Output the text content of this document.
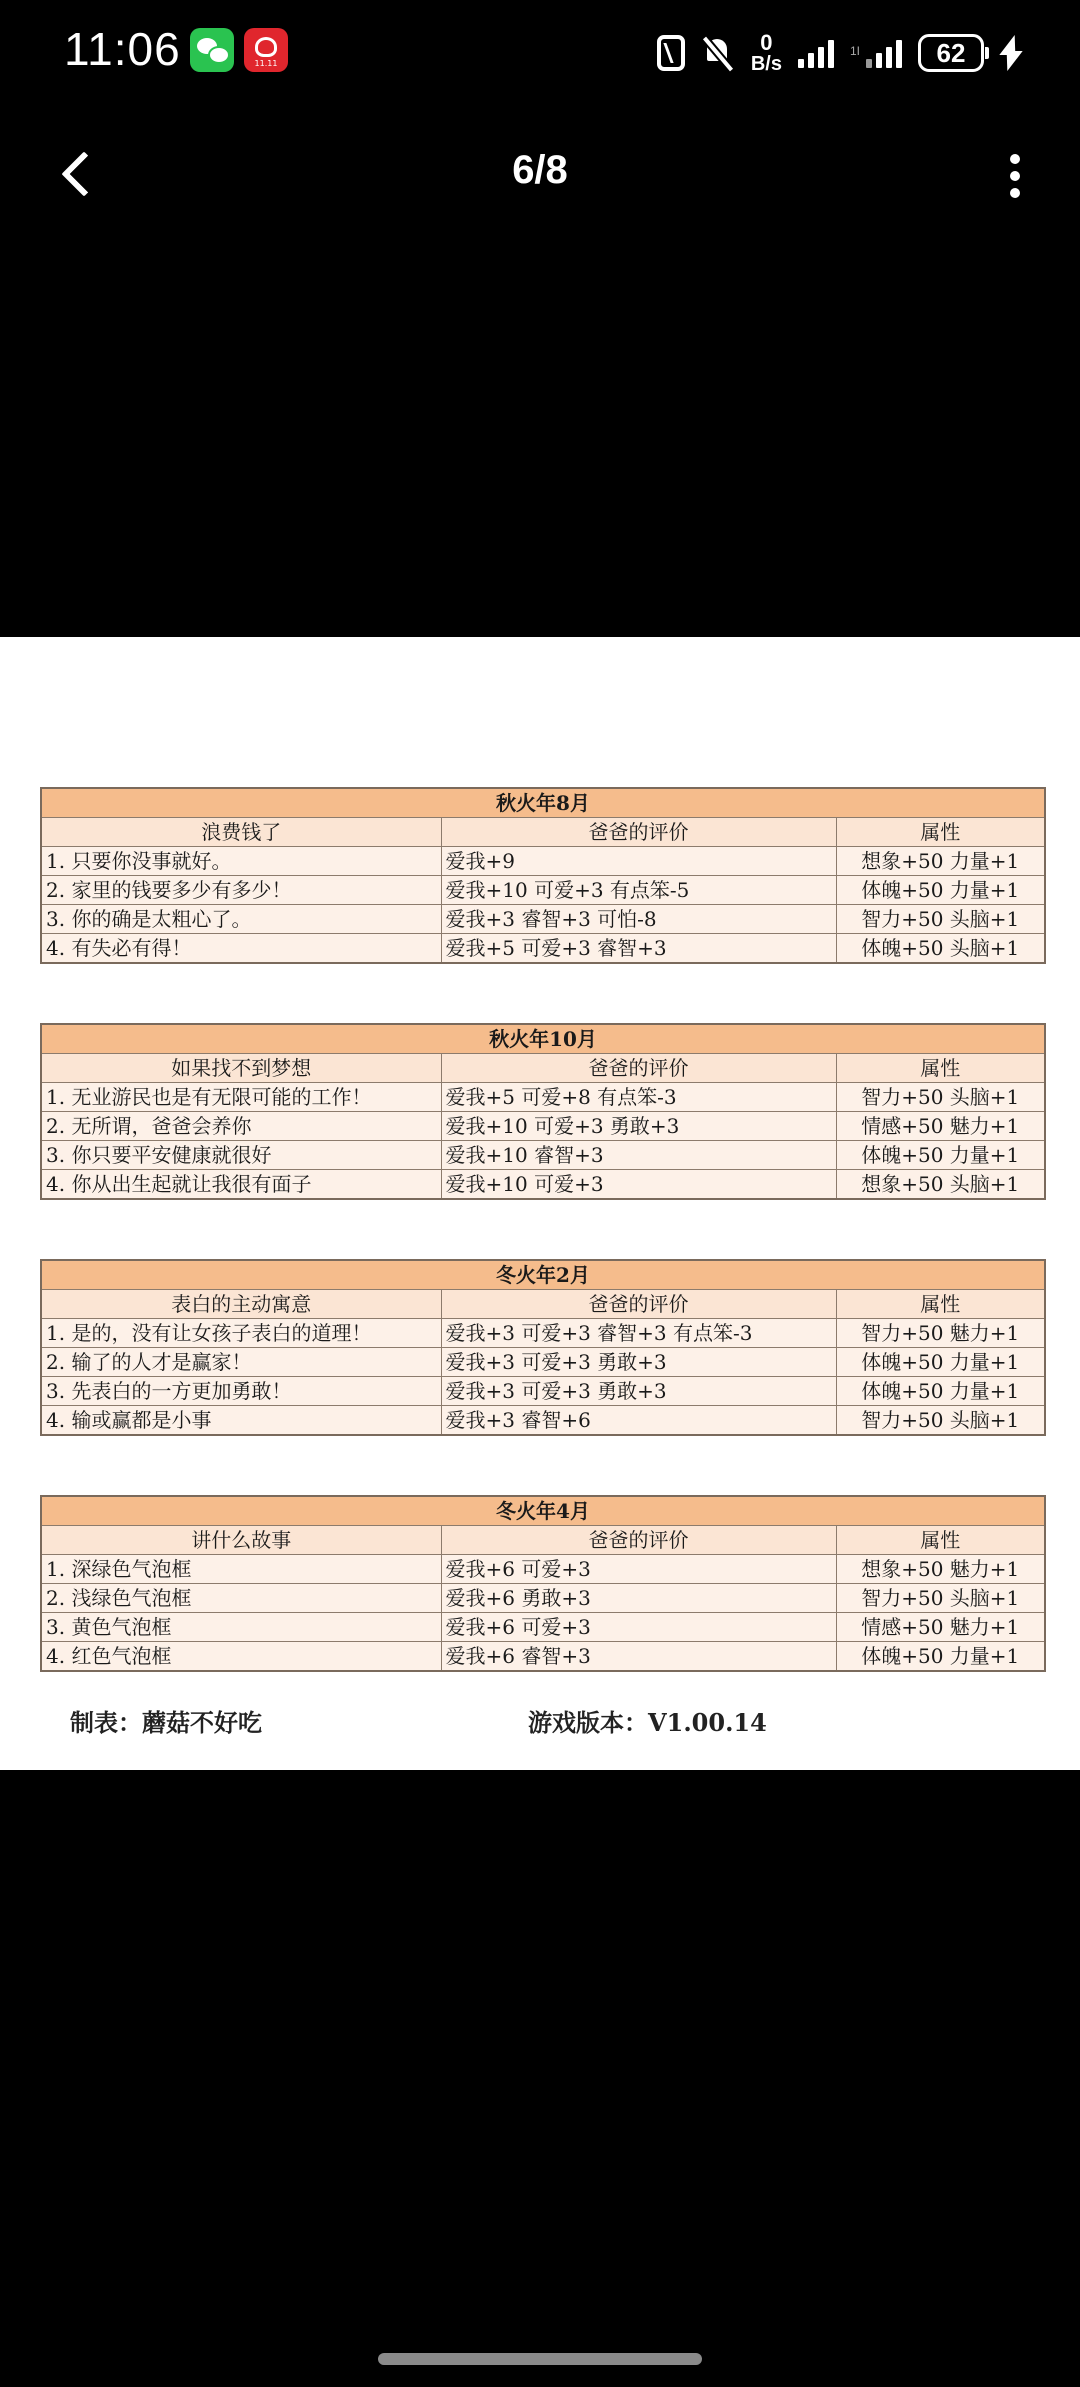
11:06 11.11	0
B/s
1I	62
6/8
秋火年8月		
浪费钱了	爸爸的评价	属性
1. 只要你没事就好。	爱我+9	想象+50 力量+1
2. 家里的钱要多少有多少！	爱我+10 可爱+3 有点笨-5	体魄+50 力量+1
3. 你的确是太粗心了。	爱我+3 睿智+3 可怕-8	智力+50 头脑+1
4. 有失必有得！	爱我+5 可爱+3 睿智+3	体魄+50 头脑+1
秋火年10月		
如果找不到梦想	爸爸的评价	属性
1. 无业游民也是有无限可能的工作！	爱我+5 可爱+8 有点笨-3	智力+50 头脑+1
2. 无所谓，爸爸会养你	爱我+10 可爱+3 勇敢+3	情感+50 魅力+1
3. 你只要平安健康就很好	爱我+10 睿智+3	体魄+50 力量+1
4. 你从出生起就让我很有面子	爱我+10 可爱+3	想象+50 头脑+1
冬火年2月		
表白的主动寓意	爸爸的评价	属性
1. 是的，没有让女孩子表白的道理！	爱我+3 可爱+3 睿智+3 有点笨-3	智力+50 魅力+1
2. 输了的人才是赢家！	爱我+3 可爱+3 勇敢+3	体魄+50 力量+1
3. 先表白的一方更加勇敢！	爱我+3 可爱+3 勇敢+3	体魄+50 力量+1
4. 输或赢都是小事	爱我+3 睿智+6	智力+50 头脑+1
冬火年4月		
讲什么故事	爸爸的评价	属性
1. 深绿色气泡框	爱我+6 可爱+3	想象+50 魅力+1
2. 浅绿色气泡框	爱我+6 勇敢+3	智力+50 头脑+1
3. 黄色气泡框	爱我+6 可爱+3	情感+50 魅力+1
4. 红色气泡框	爱我+6 睿智+3	体魄+50 力量+1
制表：蘑菇不好吃	游戏版本：V1.00.14
